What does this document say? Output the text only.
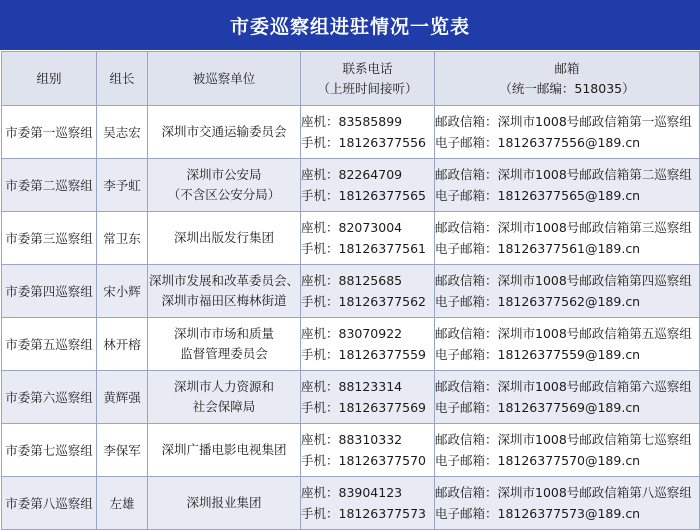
市委巡察组进驻情况一览表
组别	组长	被巡察单位	联系电话
（上班时间接听）	邮箱
（统一邮编：518035）

市委第一巡察组	吴志宏	深圳市交通运输委员会	座机：83585899
手机：18126377556	邮政信箱：深圳市1008号邮政信箱第一巡察组
电子邮箱：18126377556@189.cn

市委第二巡察组	李予虹	深圳市公安局
（不含区公安分局）	座机：82264709
手机：18126377565	邮政信箱：深圳市1008号邮政信箱第二巡察组
电子邮箱：18126377565@189.cn

市委第三巡察组	常卫东	深圳出版发行集团	座机：82073004
手机：18126377561	邮政信箱：深圳市1008号邮政信箱第三巡察组
电子邮箱：18126377561@189.cn

市委第四巡察组	宋小辉	深圳市发展和改革委员会、
深圳市福田区梅林街道	座机：88125685
手机：18126377562	邮政信箱：深圳市1008号邮政信箱第四巡察组
电子邮箱：18126377562@189.cn

市委第五巡察组	林开榕	深圳市市场和质量
监督管理委员会	座机：83070922
手机：18126377559	邮政信箱：深圳市1008号邮政信箱第五巡察组
电子邮箱：18126377559@189.cn

市委第六巡察组	黄辉强	深圳市人力资源和
社会保障局	座机：88123314
手机：18126377569	邮政信箱：深圳市1008号邮政信箱第六巡察组
电子邮箱：18126377569@189.cn

市委第七巡察组	李保军	深圳广播电影电视集团	座机：88310332
手机：18126377570	邮政信箱：深圳市1008号邮政信箱第七巡察组
电子邮箱：18126377570@189.cn

市委第八巡察组	左雄	深圳报业集团	座机：83904123
手机：18126377573	邮政信箱：深圳市1008号邮政信箱第八巡察组
电子邮箱：18126377573@189.cn
